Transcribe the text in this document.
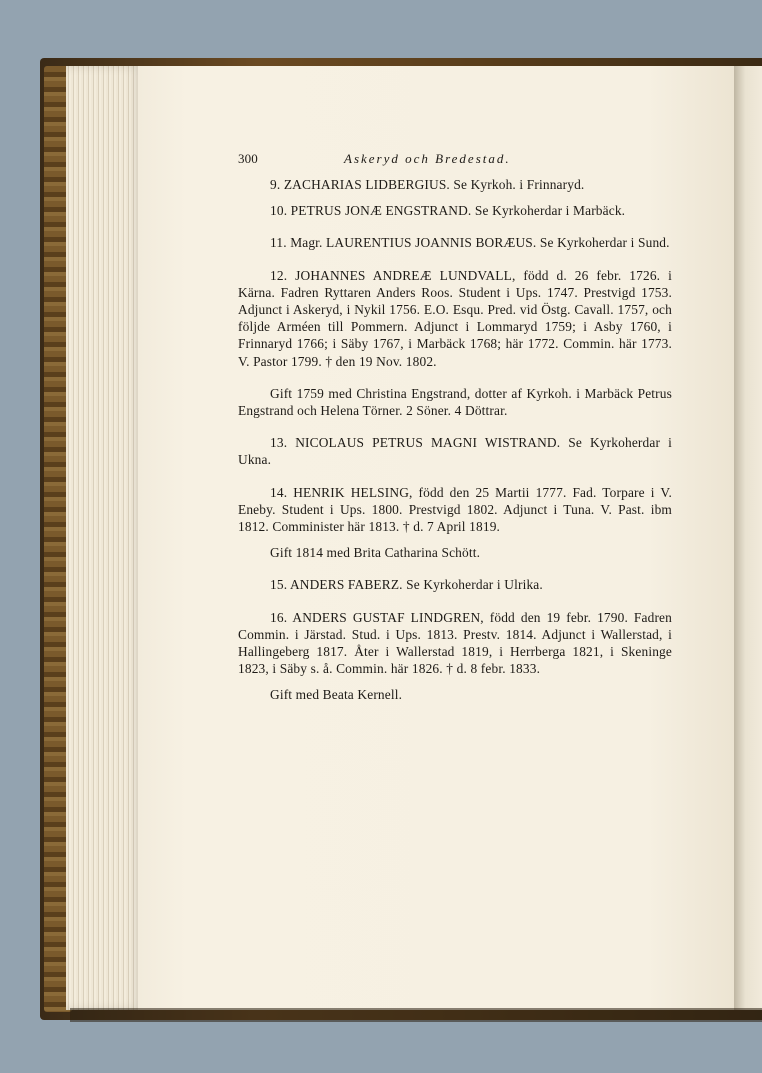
300	Askeryd och Bredestad.

9. ZACHARIAS LIDBERGIUS. Se Kyrkoh. i Frinnaryd.

10. PETRUS JONÆ ENGSTRAND. Se Kyrkoherdar i Marbäck.

11. Magr. LAURENTIUS JOANNIS BORÆUS. Se Kyrkoherdar i Sund.

12. JOHANNES ANDREÆ LUNDVALL, född d. 26 febr. 1726. i Kärna. Fadren Ryttaren Anders Roos. Student i Ups. 1747. Prestvigd 1753. Adjunct i Askeryd, i Nykil 1756. E.O. Esqu. Pred. vid Östg. Cavall. 1757, och följde Arméen till Pommern. Adjunct i Lommaryd 1759; i Asby 1760, i Frinnaryd 1766; i Säby 1767, i Marbäck 1768; här 1772. Commin. här 1773. V. Pastor 1799. † den 19 Nov. 1802.

Gift 1759 med Christina Engstrand, dotter af Kyrkoh. i Marbäck Petrus Engstrand och Helena Törner. 2 Söner. 4 Döttrar.

13. NICOLAUS PETRUS MAGNI WISTRAND. Se Kyrkoherdar i Ukna.

14. HENRIK HELSING, född den 25 Martii 1777. Fad. Torpare i V. Eneby. Student i Ups. 1800. Prestvigd 1802. Adjunct i Tuna. V. Past. ibm 1812. Comminister här 1813. † d. 7 April 1819.

Gift 1814 med Brita Catharina Schött.

15. ANDERS FABERZ. Se Kyrkoherdar i Ulrika.

16. ANDERS GUSTAF LINDGREN, född den 19 febr. 1790. Fadren Commin. i Järstad. Stud. i Ups. 1813. Prestv. 1814. Adjunct i Wallerstad, i Hallingeberg 1817. Åter i Wallerstad 1819, i Herrberga 1821, i Skeninge 1823, i Säby s. å. Commin. här 1826. † d. 8 febr. 1833.

Gift med Beata Kernell.
